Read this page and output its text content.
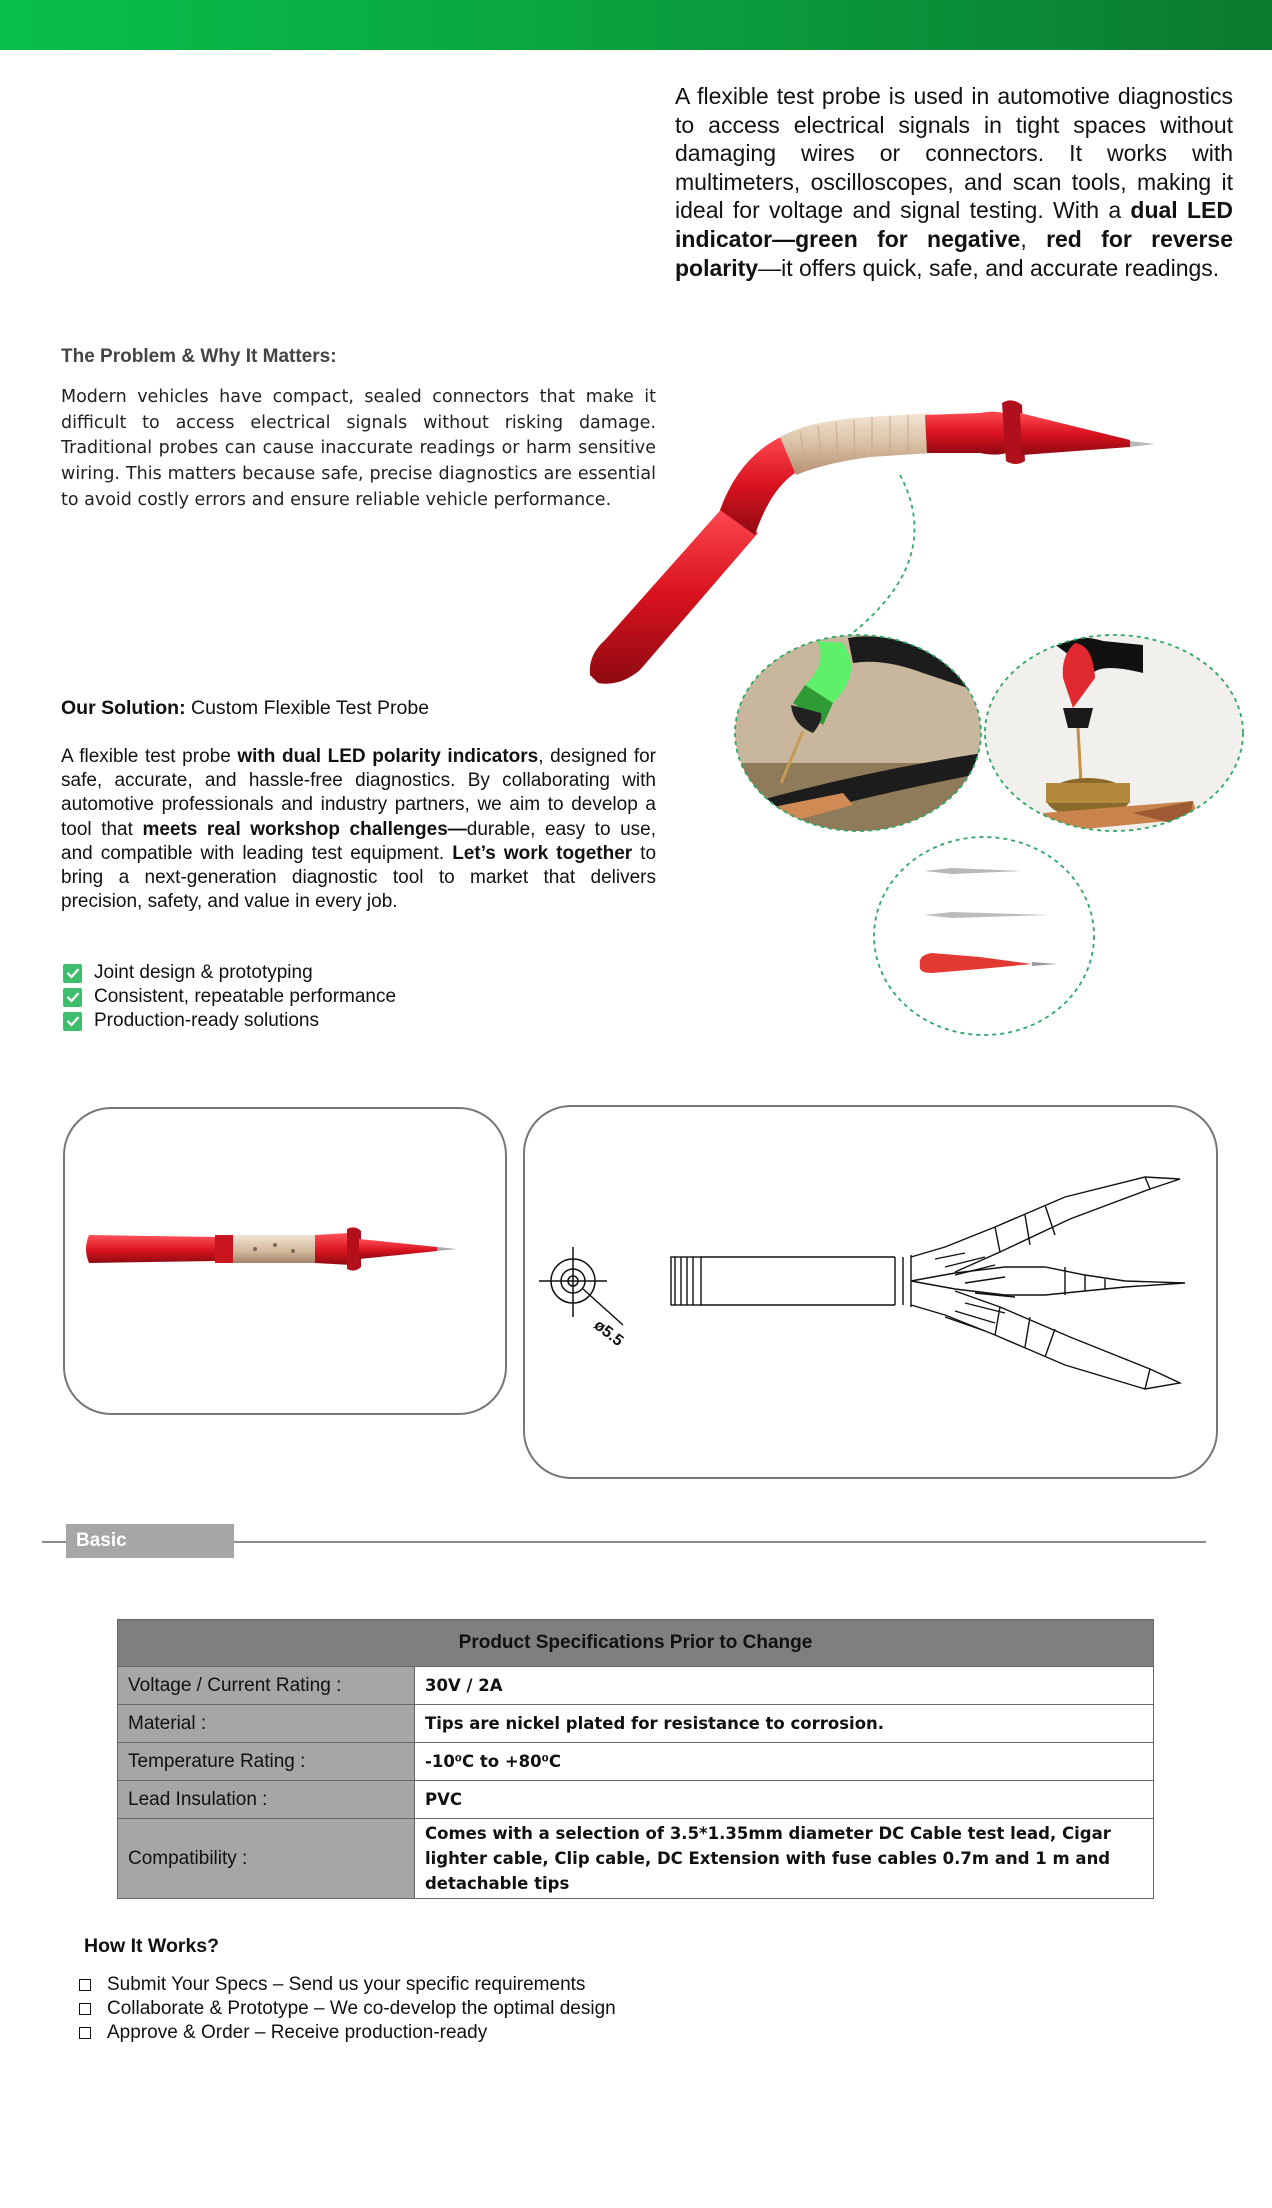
A flexible test probe is used in automotive diagnostics to access electrical signals in tight spaces without damaging wires or connectors. It works with multimeters, oscilloscopes, and scan tools, making it ideal for voltage and signal testing. With a dual LED indicator—green for negative, red for reverse polarity—it offers quick, safe, and accurate readings.
The Problem & Why It Matters:
Modern vehicles have compact, sealed connectors that make it difficult to access electrical signals without risking damage. Traditional probes can cause inaccurate readings or harm sensitive wiring. This matters because safe, precise diagnostics are essential to avoid costly errors and ensure reliable vehicle performance.
Our Solution: Custom Flexible Test Probe
A flexible test probe with dual LED polarity indicators, designed for safe, accurate, and hassle-free diagnostics. By collaborating with automotive professionals and industry partners, we aim to develop a tool that meets real workshop challenges—durable, easy to use, and compatible with leading test equipment. Let’s work together to bring a next-generation diagnostic tool to market that delivers precision, safety, and value in every job.
Joint design & prototyping
Consistent, repeatable performance
Production-ready solutions
ø5.5
Basic Specifications
Product Specifications Prior to Change	
Voltage / Current Rating :	30V / 2A
Material :	Tips are nickel plated for resistance to corrosion.
Temperature Rating :	-10⁰C to +80⁰C
Lead Insulation :	PVC
Compatibility :	Comes with a selection of 3.5*1.35mm diameter DC Cable test lead, Cigar lighter cable, Clip cable, DC Extension with fuse cables 0.7m and 1 m and detachable tips
How It Works?
Submit Your Specs – Send us your specific requirements
Collaborate & Prototype – We co-develop the optimal design
Approve & Order – Receive production-ready
